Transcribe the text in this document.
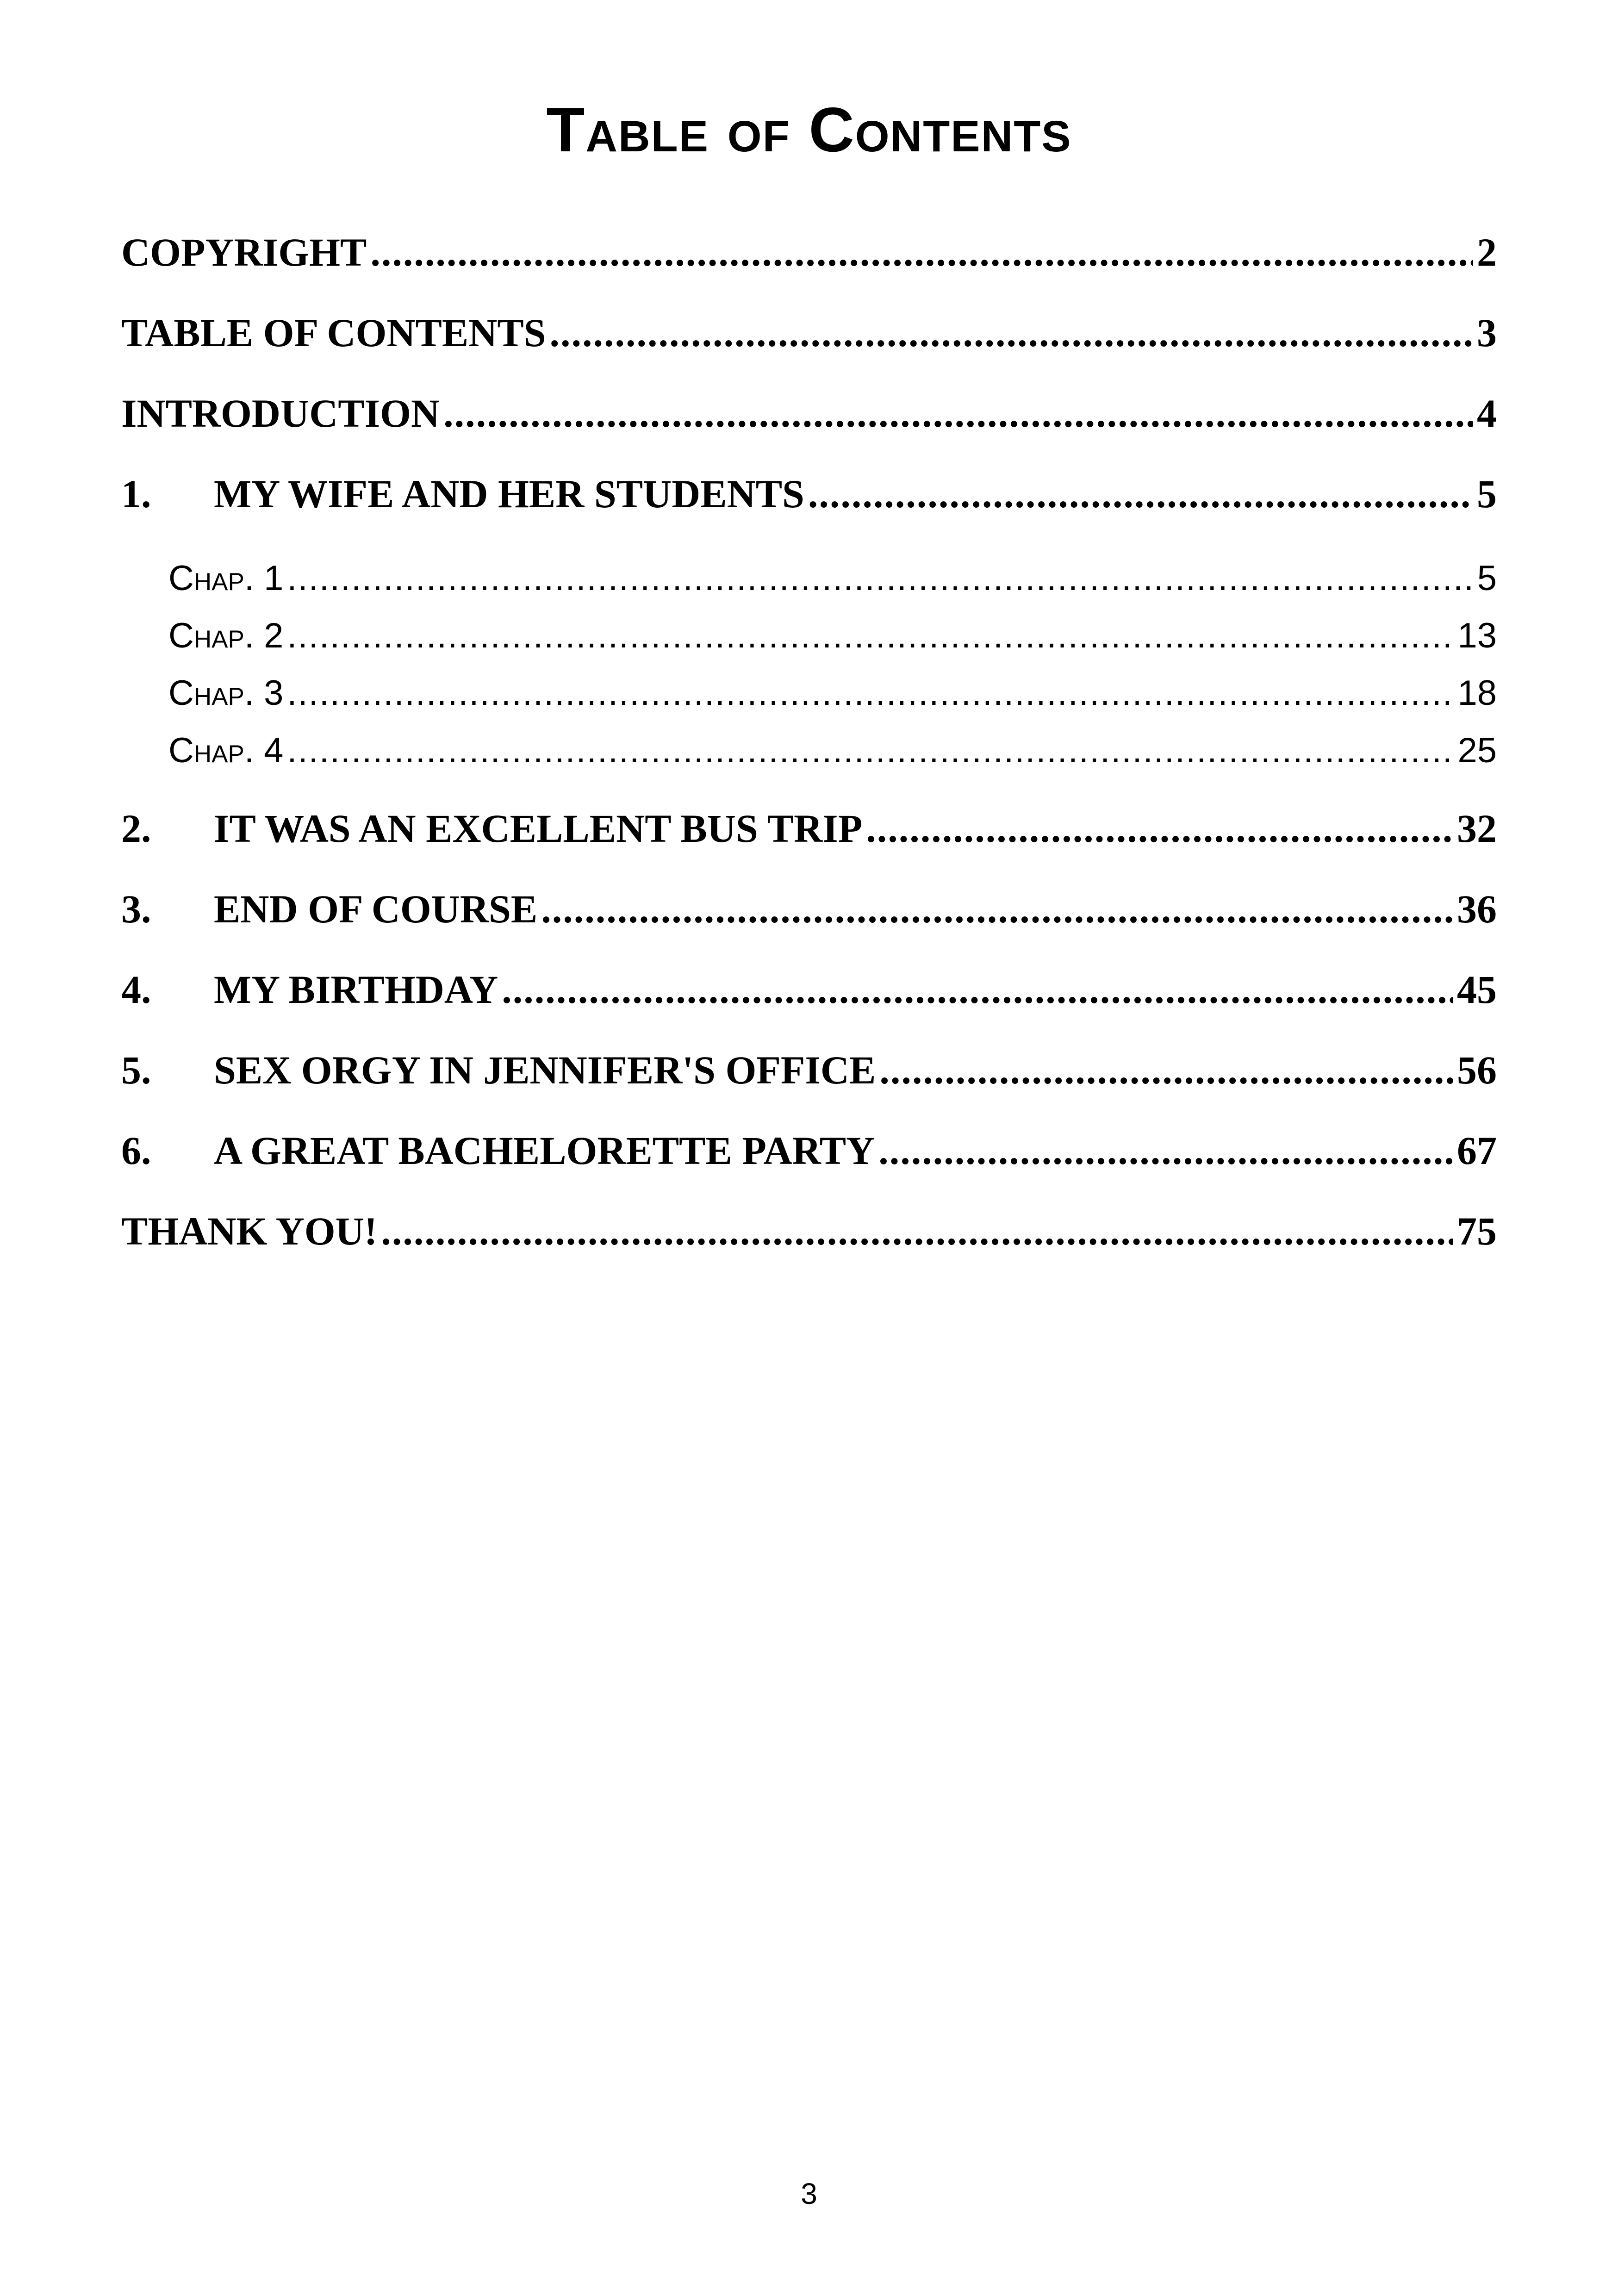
Table of Contents
COPYRIGHT .....	2
TABLE OF CONTENTS .....	3
INTRODUCTION .....	4
1.	MY WIFE AND HER STUDENTS .....	5
Chap. 1 .....	5
Chap. 2 .....	13
Chap. 3 .....	18
Chap. 4 .....	25
2.	IT WAS AN EXCELLENT BUS TRIP .....	32
3.	END OF COURSE .....	36
4.	MY BIRTHDAY .....	45
5.	SEX ORGY IN JENNIFER'S OFFICE .....	56
6.	A GREAT BACHELORETTE PARTY .....	67
THANK YOU! .....	75
3
